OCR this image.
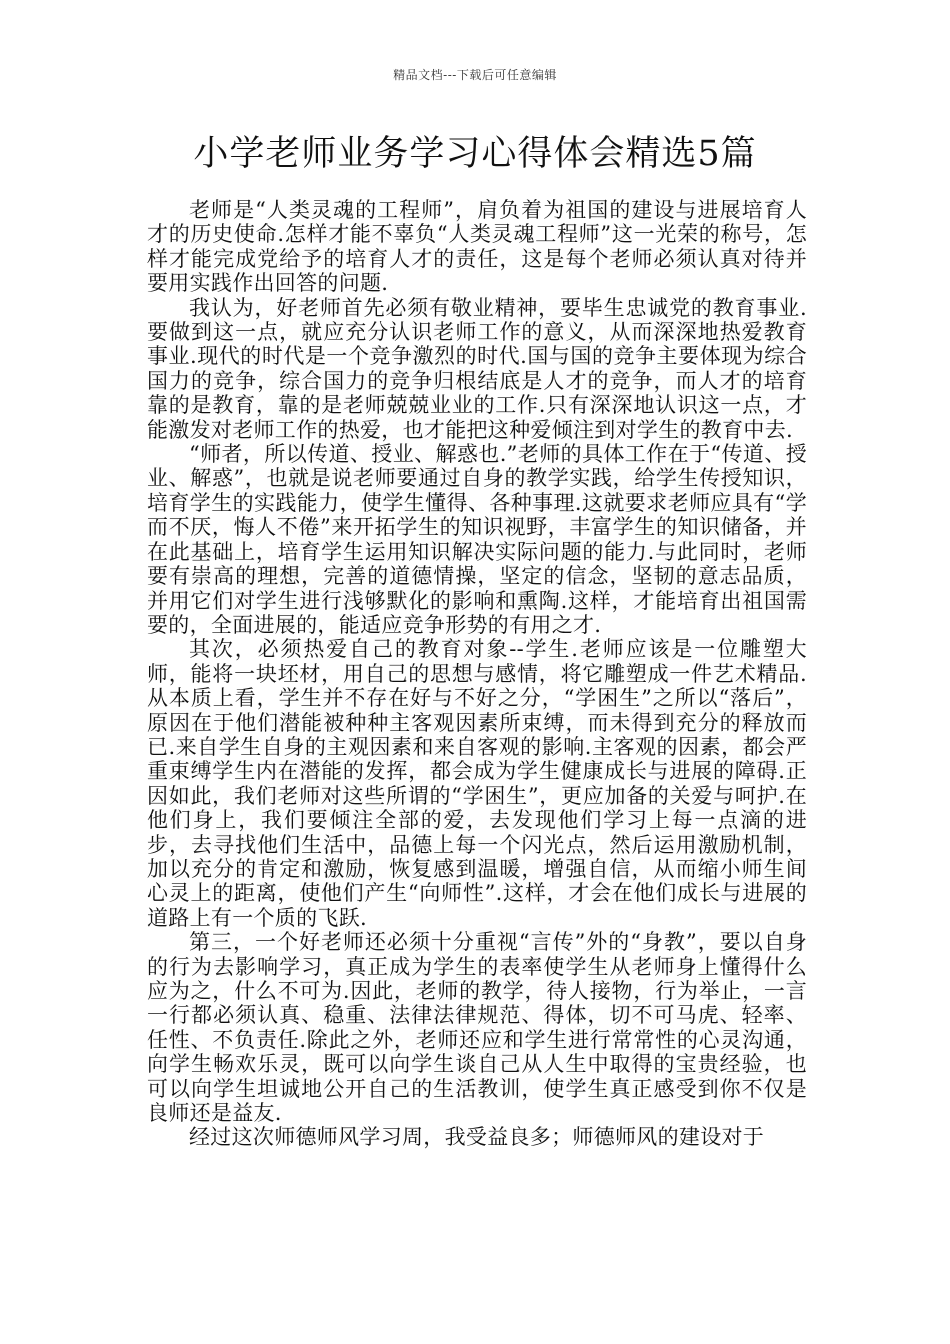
精品文档---下载后可任意编辑
小学老师业务学习心得体会精选5篇

老师是“人类灵魂的工程师”，肩负着为祖国的建设与进展培育人才的历史使命.怎样才能不辜负“人类灵魂工程师”这一光荣的称号，怎样才能完成党给予的培育人才的责任，这是每个老师必须认真对待并要用实践作出回答的问题.

我认为，好老师首先必须有敬业精神，要毕生忠诚党的教育事业.要做到这一点，就应充分认识老师工作的意义，从而深深地热爱教育事业.现代的时代是一个竞争激烈的时代.国与国的竞争主要体现为综合国力的竞争，综合国力的竞争归根结底是人才的竞争，而人才的培育靠的是教育，靠的是老师兢兢业业的工作.只有深深地认识这一点，才能激发对老师工作的热爱，也才能把这种爱倾注到对学生的教育中去.

“师者，所以传道、授业、解惑也.”老师的具体工作在于“传道、授业、解惑”，也就是说老师要通过自身的教学实践，给学生传授知识，培育学生的实践能力，使学生懂得、各种事理.这就要求老师应具有“学而不厌，悔人不倦”来开拓学生的知识视野，丰富学生的知识储备，并在此基础上，培育学生运用知识解决实际问题的能力.与此同时，老师要有崇高的理想，完善的道德情操，坚定的信念，坚韧的意志品质，并用它们对学生进行浅够默化的影响和熏陶.这样，才能培育出祖国需要的，全面进展的，能适应竞争形势的有用之才.

其次，必须热爱自己的教育对象--学生.老师应该是一位雕塑大师，能将一块坯材，用自己的思想与感情，将它雕塑成一件艺术精品.从本质上看，学生并不存在好与不好之分，“学困生”之所以“落后”，原因在于他们潜能被种种主客观因素所束缚，而未得到充分的释放而已.来自学生自身的主观因素和来自客观的影响.主客观的因素，都会严重束缚学生内在潜能的发挥，都会成为学生健康成长与进展的障碍.正因如此，我们老师对这些所谓的“学困生”，更应加备的关爱与呵护.在他们身上，我们要倾注全部的爱，去发现他们学习上每一点滴的进步，去寻找他们生活中，品德上每一个闪光点，然后运用激励机制，加以充分的肯定和激励，恢复感到温暖，增强自信，从而缩小师生间心灵上的距离，使他们产生“向师性”.这样，才会在他们成长与进展的道路上有一个质的飞跃.

第三，一个好老师还必须十分重视“言传”外的“身教”，要以自身的行为去影响学习，真正成为学生的表率使学生从老师身上懂得什么应为之，什么不可为.因此，老师的教学，待人接物，行为举止，一言一行都必须认真、稳重、法律法律规范、得体，切不可马虎、轻率、任性、不负责任.除此之外，老师还应和学生进行常常性的心灵沟通，向学生畅欢乐灵，既可以向学生谈自己从人生中取得的宝贵经验，也可以向学生坦诚地公开自己的生活教训，使学生真正感受到你不仅是良师还是益友.

经过这次师德师风学习周，我受益良多；师德师风的建设对于
